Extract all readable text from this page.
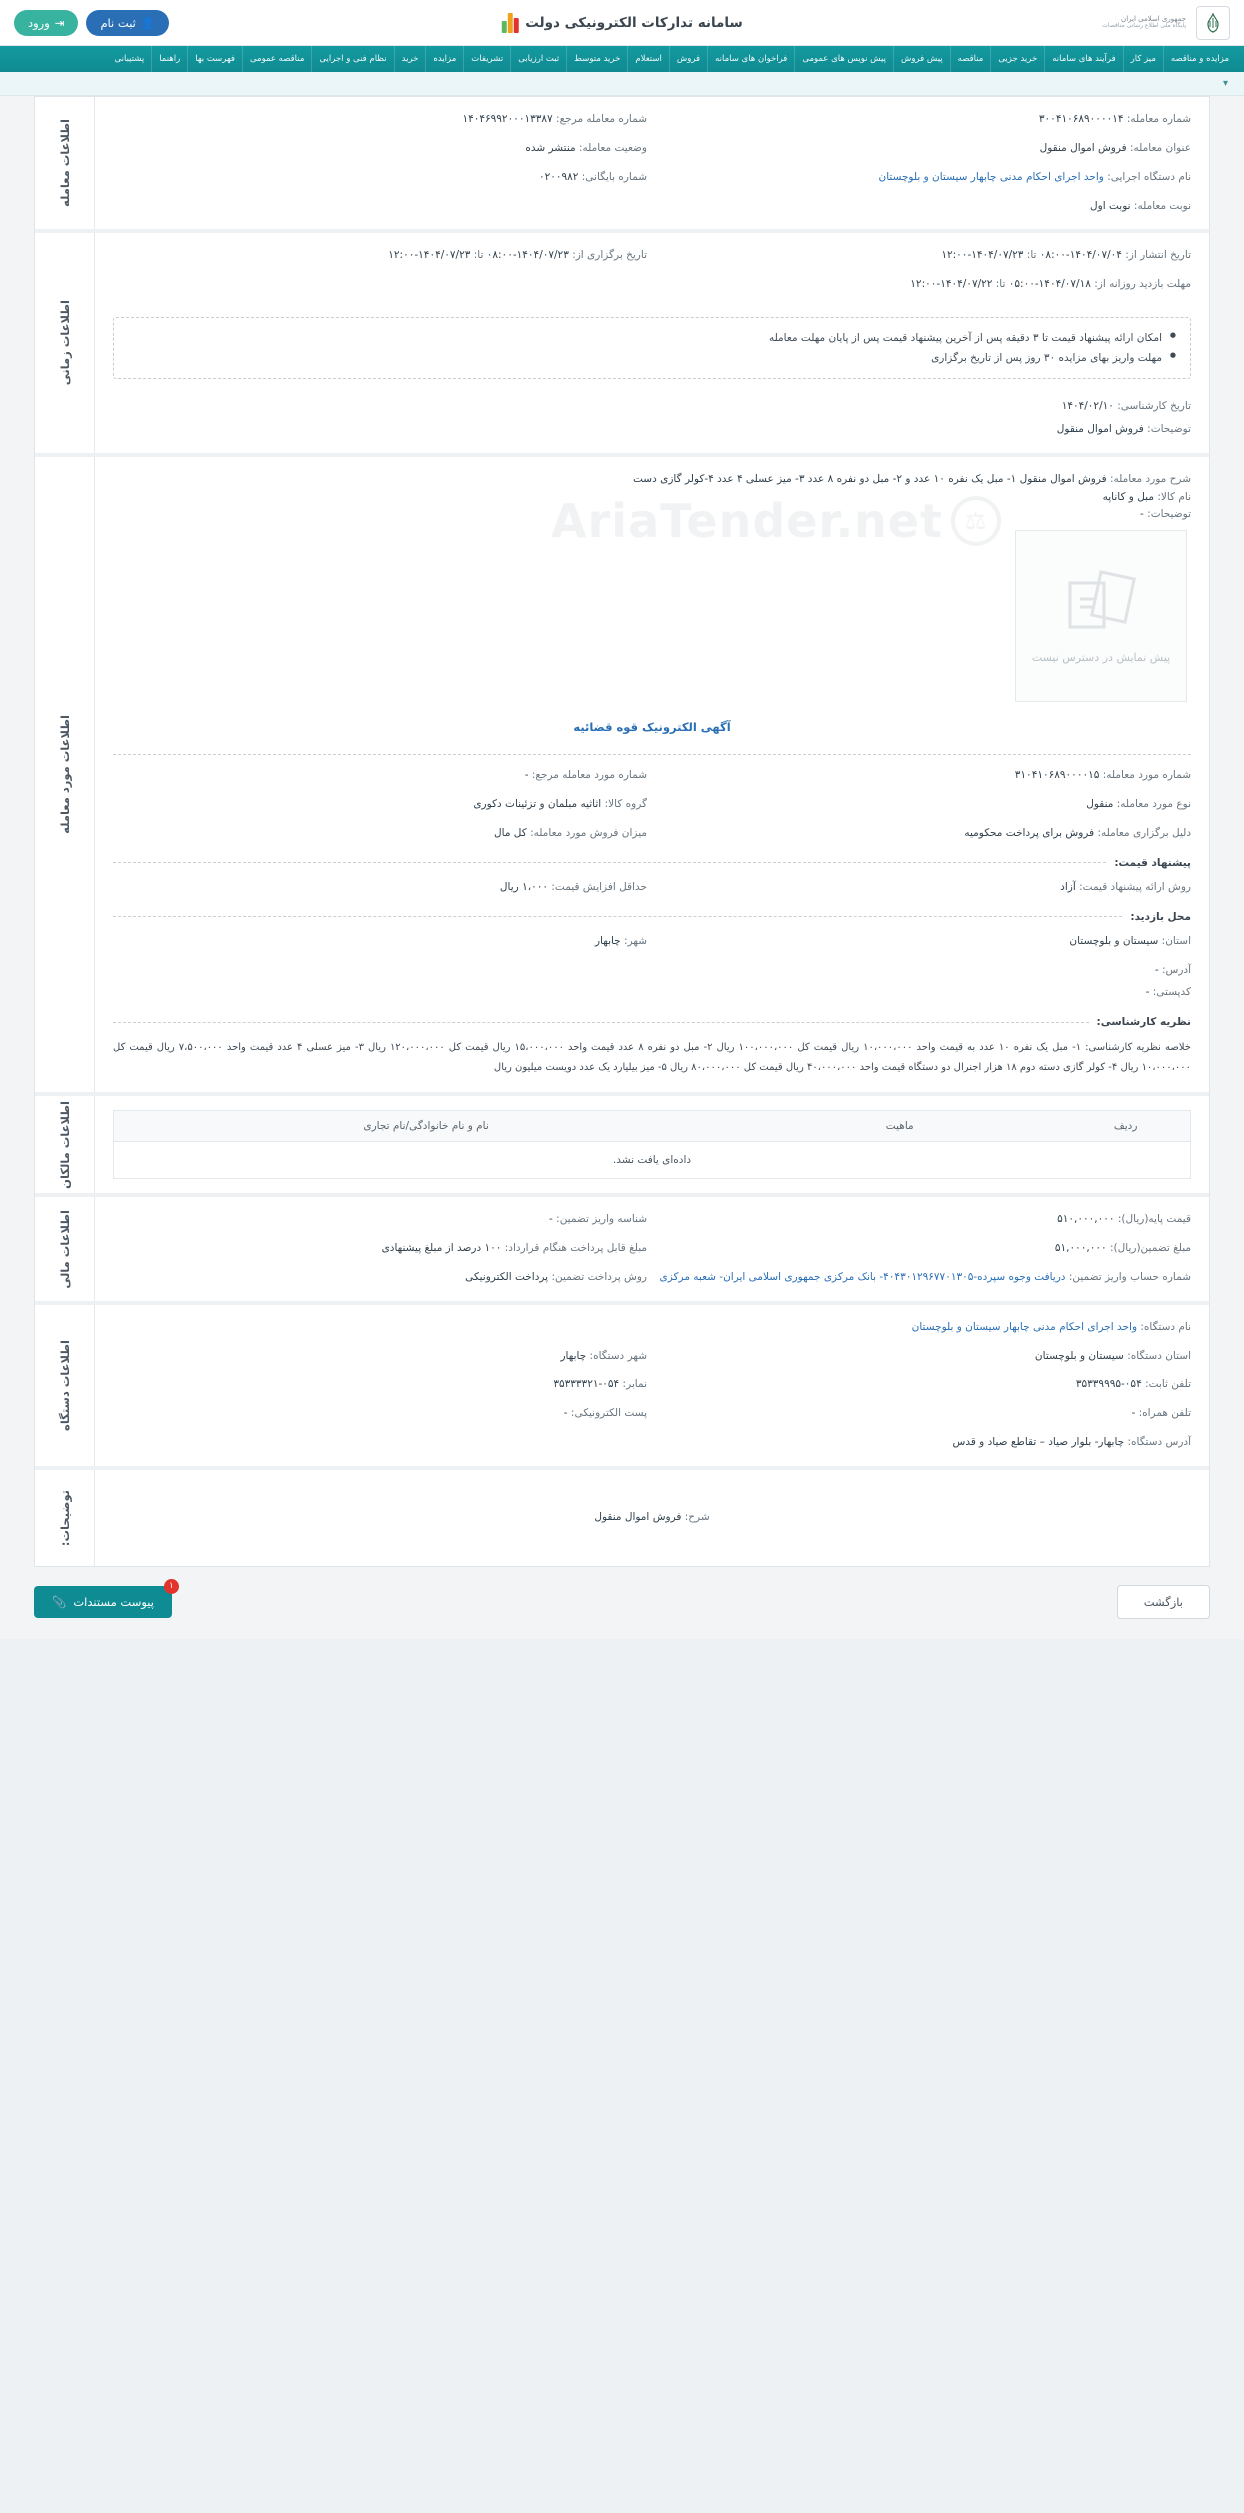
جمهوری اسلامی ایران
پایگاه ملی اطلاع رسانی مناقصات
سامانه تدارکات الکترونیکی دولت
👤
ثبت نام
⇥
ورود
مزایده و مناقصه
میز کار
فرآیند های سامانه
خرید جزیی
مناقصه
پیش فروش
پیش نویس های عمومی
فراخوان های سامانه
فروش
استعلام
خرید متوسط
ثبت ارزیابی
تشریفات
مزایده
خرید
نظام فنی و اجرایی
مناقصه عمومی
فهرست بها
راهنما
پشتیبانی
▾
شماره معامله: ۳۰۰۴۱۰۶۸۹۰۰۰۰۱۴
شماره معامله مرجع: ۱۴۰۴۶۹۹۲۰۰۰۱۳۳۸۷
عنوان معامله: فروش اموال منقول
وضعیت معامله: منتشر شده
نام دستگاه اجرایی: واحد اجرای احکام مدنی چابهار سیستان و بلوچستان
شماره بایگانی: ۰۲۰۰۹۸۲
نوبت معامله: نوبت اول
اطلاعات معامله
تاریخ انتشار از: ۱۴۰۴/۰۷/۰۴-۰۸:۰۰ تا: ۱۴۰۴/۰۷/۲۳-۱۲:۰۰
تاریخ برگزاری از: ۱۴۰۴/۰۷/۲۳-۰۸:۰۰ تا: ۱۴۰۴/۰۷/۲۳-۱۲:۰۰
مهلت بازدید روزانه از: ۱۴۰۴/۰۷/۱۸-۰۵:۰۰ تا: ۱۴۰۴/۰۷/۲۲-۱۲:۰۰
● امکان ارائه پیشنهاد قیمت تا ۳ دقیقه پس از آخرین پیشنهاد قیمت پس از پایان مهلت معامله
● مهلت واریز بهای مزایده ۳۰ روز پس از تاریخ برگزاری
تاریخ کارشناسی: ۱۴۰۴/۰۲/۱۰
توضیحات: فروش اموال منقول
اطلاعات زمانی
شرح مورد معامله: فروش اموال منقول ۱- مبل یک نفره ۱۰ عدد و ۲- مبل دو نفره ۸ عدد ۳- میز عسلی ۴ عدد ۴-کولر گازی دست
نام کالا: مبل و کاناپه
توضیحات: -
⚖
AriaTender.net
پیش نمایش در دسترس نیست
آگهی الکترونیک قوه قضائیه
شماره مورد معامله: ۳۱۰۴۱۰۶۸۹۰۰۰۰۱۵
شماره مورد معامله مرجع: -
نوع مورد معامله: منقول
گروه کالا: اثاثیه مبلمان و تزئینات دکوری
دلیل برگزاری معامله: فروش برای پرداخت محکومیه
میزان فروش مورد معامله: کل مال
پیشنهاد قیمت:
روش ارائه پیشنهاد قیمت: آزاد
حداقل افزایش قیمت: ۱،۰۰۰ ریال
محل بازدید:
استان: سیستان و بلوچستان
شهر: چابهار
آدرس: -
کدپستی: -
نظریه کارشناسی:
خلاصه نظریه کارشناسی: ۱- مبل یک نفره ۱۰ عدد به قیمت واحد ۱۰،۰۰۰،۰۰۰ ریال قیمت کل ۱۰۰،۰۰۰،۰۰۰ ریال ۲- مبل دو نفره ۸ عدد قیمت واحد ۱۵،۰۰۰،۰۰۰ ریال قیمت کل ۱۲۰،۰۰۰،۰۰۰ ریال ۳- میز عسلی ۴ عدد قیمت واحد ۷،۵۰۰،۰۰۰ ریال قیمت کل ۱۰،۰۰۰،۰۰۰ ریال ۴- کولر گازی دسته دوم ۱۸ هزار اجنرال دو دستگاه قیمت واحد ۴۰،۰۰۰،۰۰۰ ریال قیمت کل ۸۰،۰۰۰،۰۰۰ ریال ۵- میز بیلیارد یک عدد دویست میلیون ریال
اطلاعات مورد معامله
ردیف	ماهیت	نام و نام خانوادگی/نام تجاری
داده‌ای یافت نشد.
اطلاعات مالکان
قیمت پایه(ریال): ۵۱۰,۰۰۰,۰۰۰
شناسه واریز تضمین: -
مبلغ تضمین(ریال): ۵۱,۰۰۰,۰۰۰
مبلغ قابل پرداخت هنگام قرارداد: ۱۰۰ درصد از مبلغ پیشنهادی
شماره حساب واریز تضمین: دریافت وجوه سپرده-۴۰۴۳۰۱۲۹۶۷۷۰۱۳۰۵- بانک مرکزی جمهوری اسلامی ایران- شعبه مرکزی
روش پرداخت تضمین: پرداخت الکترونیکی
اطلاعات مالی
نام دستگاه: واحد اجرای احکام مدنی چابهار سیستان و بلوچستان
استان دستگاه: سیستان و بلوچستان
شهر دستگاه: چابهار
تلفن ثابت: ۰۵۴-۳۵۳۳۹۹۹۵
نمابر: ۰۵۴-۳۵۳۳۳۳۲۱
تلفن همراه: -
پست الکترونیکی: -
آدرس دستگاه: چابهار- بلوار صیاد – تقاطع صیاد و قدس
اطلاعات دستگاه
شرح: فروش اموال منقول
توضیحات:
بازگشت
۱
پیوست مستندات
📎
